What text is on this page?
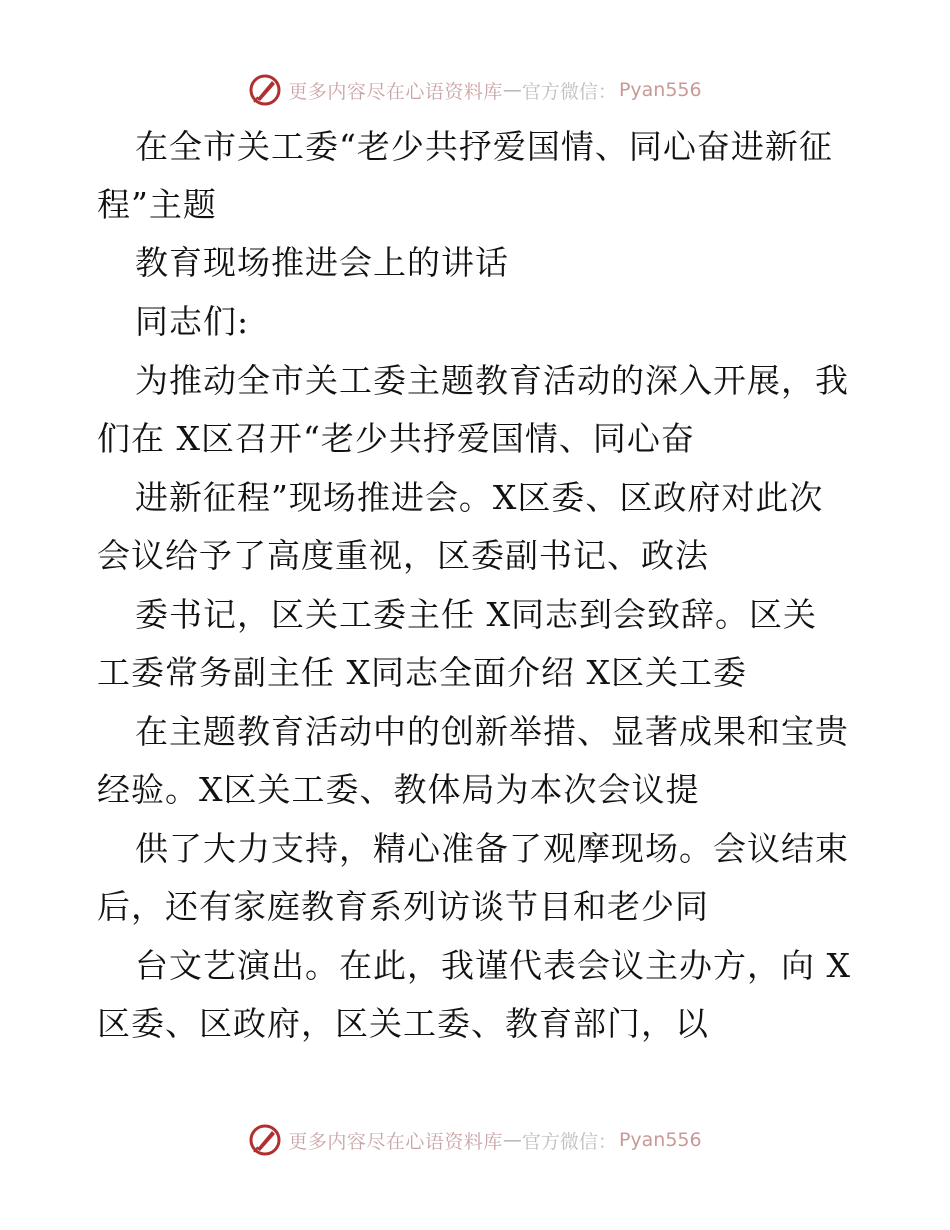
更多内容尽在心语资料库 — 官方微信： Pyan556
在全市关工委“老少共抒爱国情、同心奋进新征
程”主题
教育现场推进会上的讲话
同志们:
为推动全市关工委主题教育活动的深入开展，我
们在 X区召开“老少共抒爱国情、同心奋
进新征程”现场推进会。X区委、区政府对此次
会议给予了高度重视，区委副书记、政法
委书记，区关工委主任 X同志到会致辞。区关
工委常务副主任 X同志全面介绍 X区关工委
在主题教育活动中的创新举措、显著成果和宝贵
经验。X区关工委、教体局为本次会议提
供了大力支持，精心准备了观摩现场。会议结束
后，还有家庭教育系列访谈节目和老少同
台文艺演出。在此，我谨代表会议主办方，向 X
区委、区政府，区关工委、教育部门，以
更多内容尽在心语资料库 — 官方微信： Pyan556
